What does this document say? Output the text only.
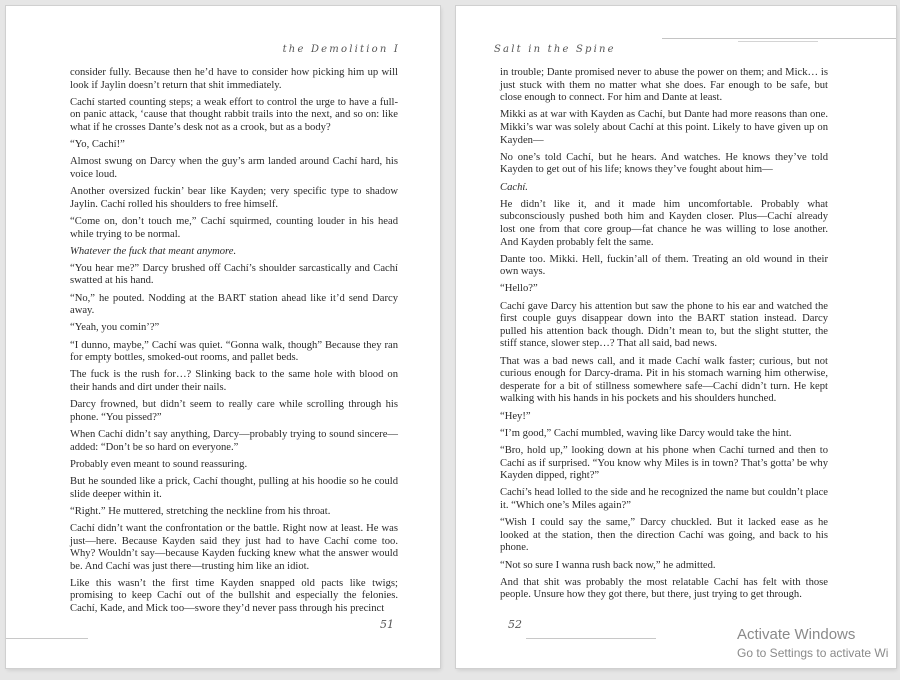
the Demolition I

consider fully. Because then he’d have to consider how picking him up will look if Jaylin doesn’t return that shit immediately.

Cachí started counting steps; a weak effort to control the urge to have a full-on panic attack, ‘cause that thought rabbit trails into the next, and so on: like what if he crosses Dante’s desk not as a crook, but as a body?

“Yo, Cachí!”

Almost swung on Darcy when the guy’s arm landed around Cachí hard, his voice loud.

Another oversized fuckin’ bear like Kayden; very specific type to shadow Jaylin. Cachí rolled his shoulders to free himself.

“Come on, don’t touch me,” Cachí squirmed, counting louder in his head while trying to be normal.

Whatever the fuck that meant anymore.

“You hear me?” Darcy brushed off Cachí’s shoulder sarcastically and Cachí swatted at his hand.

“No,” he pouted. Nodding at the BART station ahead like it’d send Darcy away.

“Yeah, you comin’?”

“I dunno, maybe,” Cachí was quiet. “Gonna walk, though” Because they ran for empty bottles, smoked-out rooms, and pallet beds.

The fuck is the rush for…? Slinking back to the same hole with blood on their hands and dirt under their nails.

Darcy frowned, but didn’t seem to really care while scrolling through his phone. “You pissed?”

When Cachí didn’t say anything, Darcy—probably trying to sound sincere—added: “Don’t be so hard on everyone.”

Probably even meant to sound reassuring.

But he sounded like a prick, Cachí thought, pulling at his hoodie so he could slide deeper within it.

“Right.” He muttered, stretching the neckline from his throat.

Cachí didn’t want the confrontation or the battle. Right now at least. He was just—here. Because Kayden said they just had to have Cachí come too. Why? Wouldn’t say—because Kayden fucking knew what the answer would be. And Cachí was just there—trusting him like an idiot.

Like this wasn’t the first time Kayden snapped old pacts like twigs; promising to keep Cachí out of the bullshit and especially the felonies. Cachí, Kade, and Mick too—swore they’d never pass through his precinct

51
Salt in the Spine

in trouble; Dante promised never to abuse the power on them; and Mick… is just stuck with them no matter what she does. Far enough to be safe, but close enough to connect. For him and Dante at least.

Mikki as at war with Kayden as Cachí, but Dante had more reasons than one. Mikki’s war was solely about Cachí at this point. Likely to have given up on Kayden—

No one’s told Cachí, but he hears. And watches. He knows they’ve told Kayden to get out of his life; knows they’ve fought about him—

Cachí.

He didn’t like it, and it made him uncomfortable. Probably what subconsciously pushed both him and Kayden closer. Plus—Cachí already lost one from that core group—fat chance he was willing to lose another. And Kayden probably felt the same.

Dante too. Mikki. Hell, fuckin’all of them. Treating an old wound in their own ways.

“Hello?”

Cachí gave Darcy his attention but saw the phone to his ear and watched the first couple guys disappear down into the BART station instead. Darcy pulled his attention back though. Didn’t mean to, but the slight stutter, the stiff stance, slower step…? That all said, bad news.

That was a bad news call, and it made Cachí walk faster; curious, but not curious enough for Darcy-drama. Pit in his stomach warning him otherwise, desperate for a bit of stillness somewhere safe—Cachí didn’t turn. He kept walking with his hands in his pockets and his shoulders hunched.

“Hey!”

“I’m good,” Cachí mumbled, waving like Darcy would take the hint.

“Bro, hold up,” looking down at his phone when Cachí turned and then to Cachí as if surprised. “You know why Miles is in town? That’s gotta’ be why Kayden dipped, right?”

Cachí’s head lolled to the side and he recognized the name but couldn’t place it. “Which one’s Miles again?”

“Wish I could say the same,” Darcy chuckled. But it lacked ease as he looked at the station, then the direction Cachí was going, and back to his phone.

“Not so sure I wanna rush back now,” he admitted.

And that shit was probably the most relatable Cachí has felt with those people. Unsure how they got there, but there, just trying to get through.

52
Activate Windows
Go to Settings to activate Wi
